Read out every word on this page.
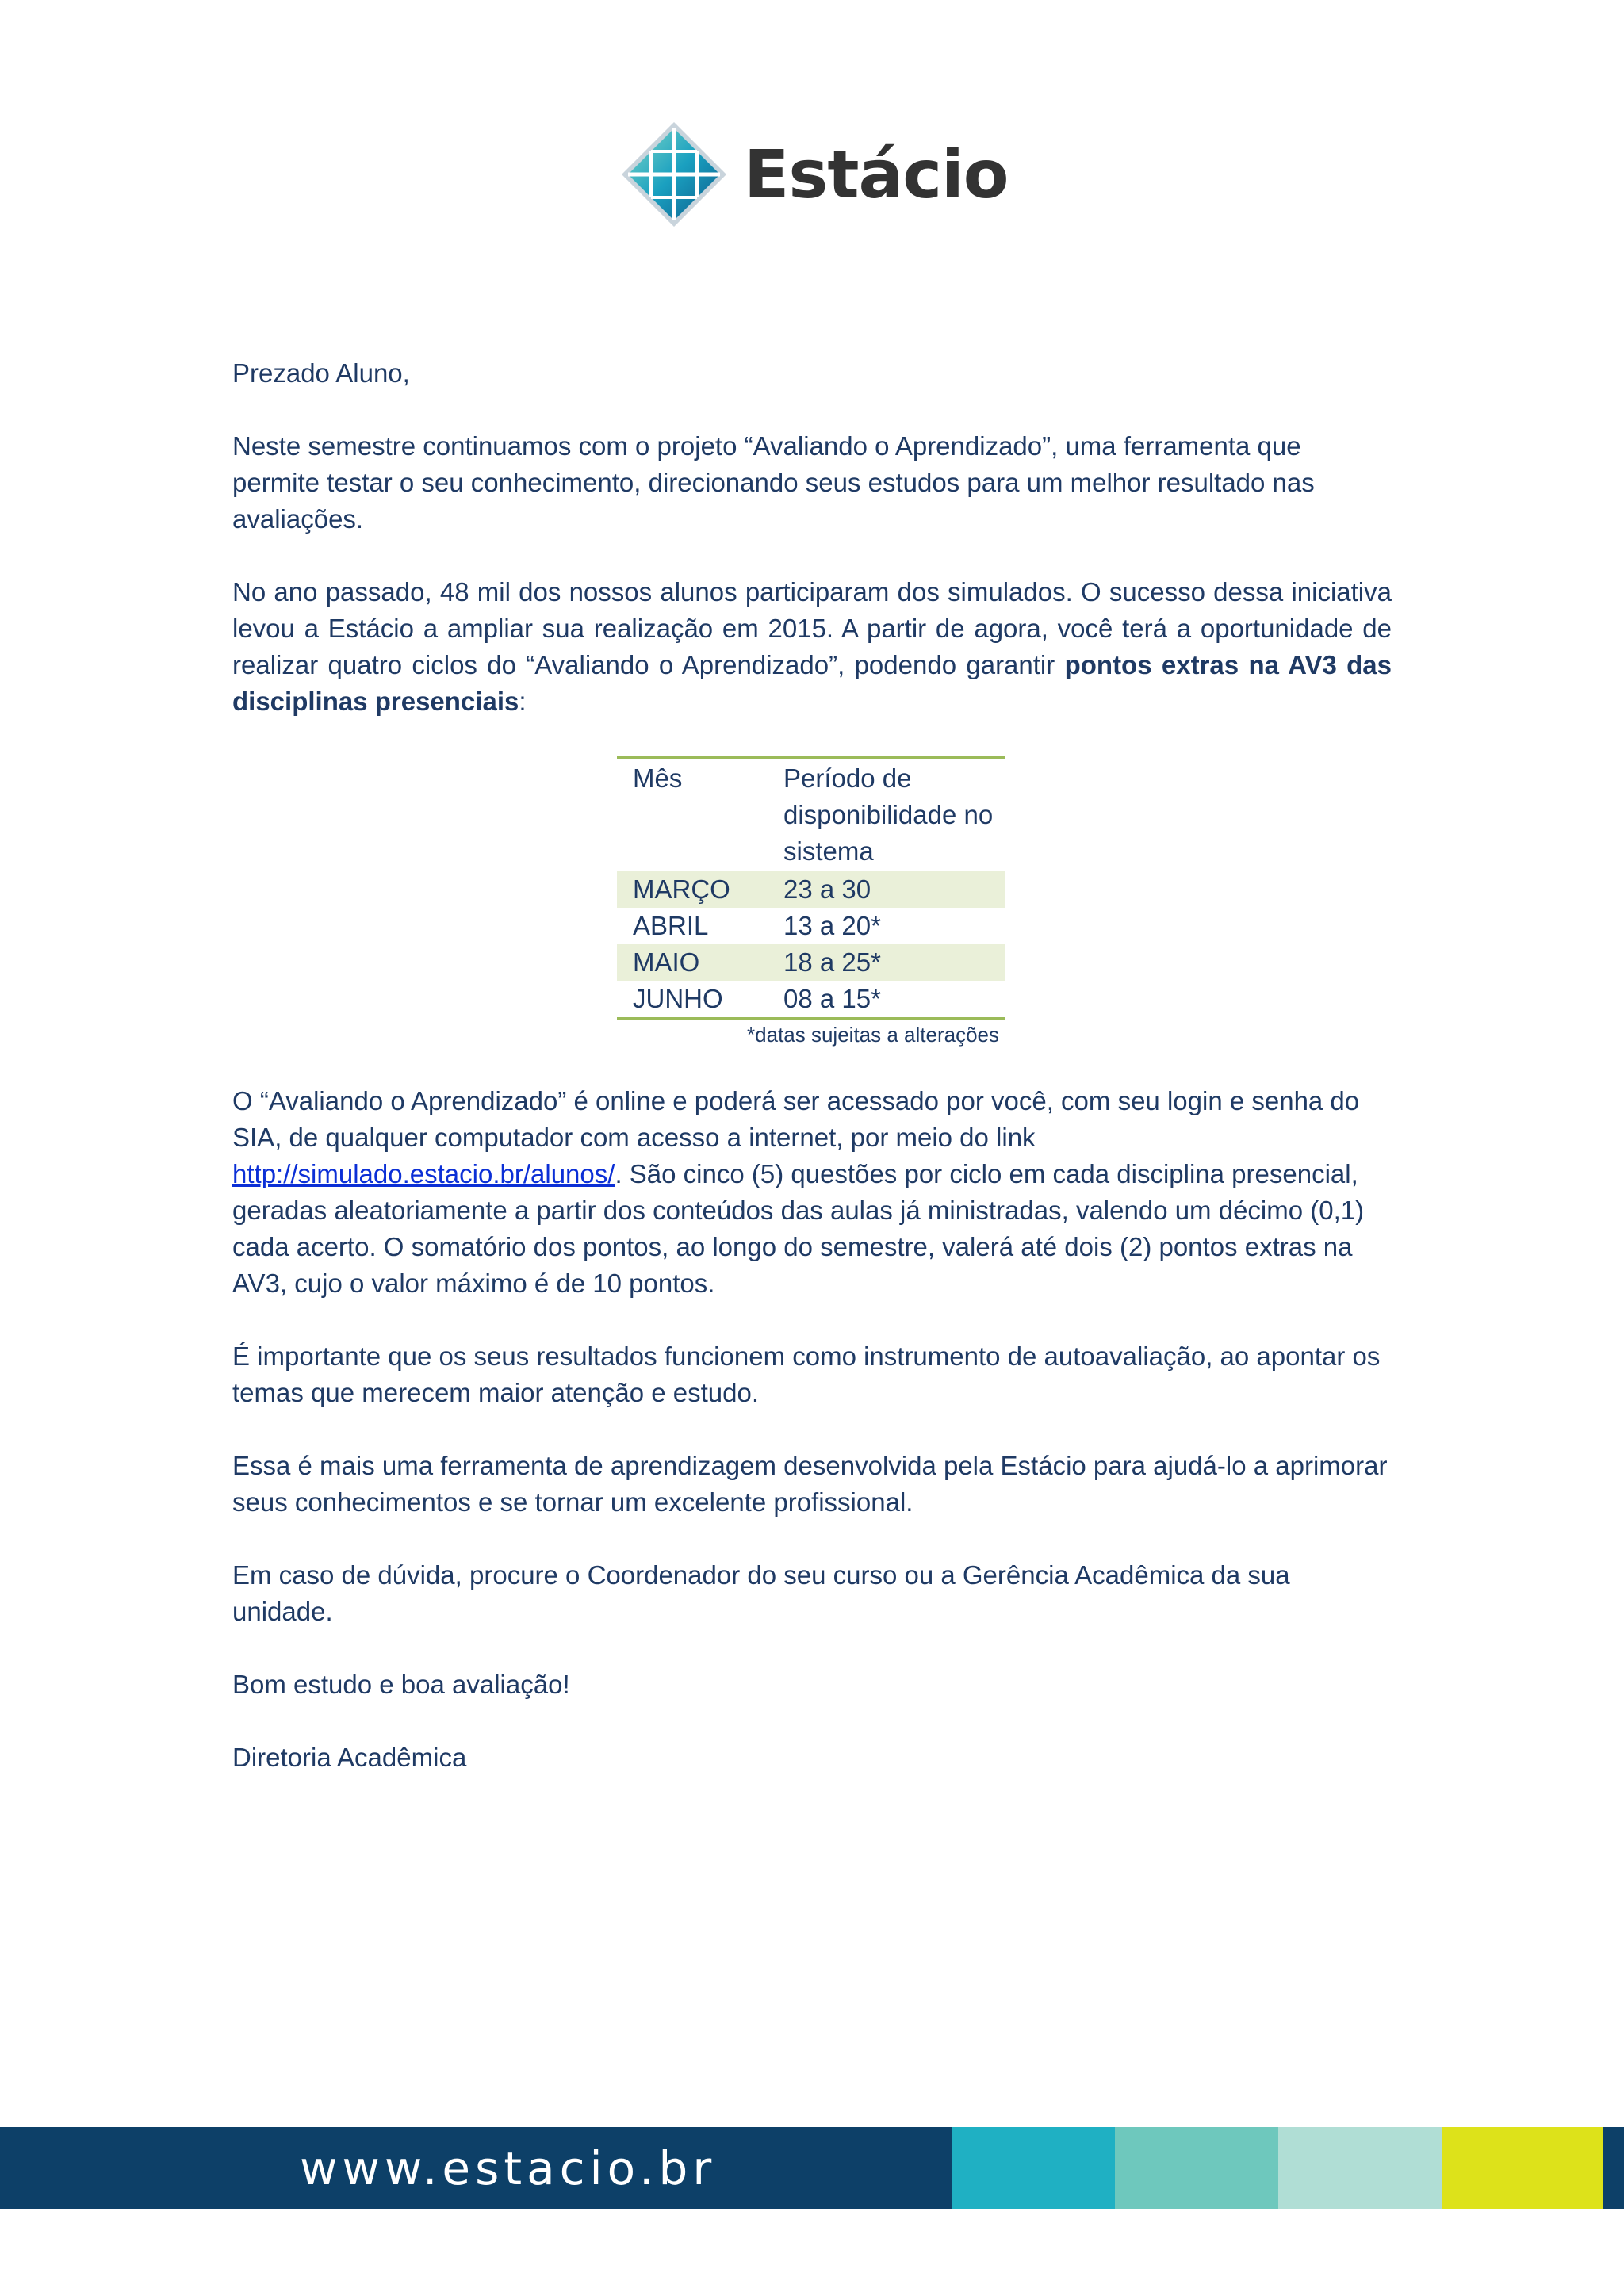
Estácio

Prezado Aluno,

Neste semestre continuamos com o projeto “Avaliando o Aprendizado”, uma ferramenta que permite testar o seu conhecimento, direcionando seus estudos para um melhor resultado nas avaliações.

No ano passado, 48 mil dos nossos alunos participaram dos simulados. O sucesso dessa iniciativa levou a Estácio a ampliar sua realização em 2015. A partir de agora, você terá a oportunidade de realizar quatro ciclos do “Avaliando o Aprendizado”, podendo garantir pontos extras na AV3 das disciplinas presenciais:

Mês	Período de disponibilidade no sistema
MARÇO	23 a 30
ABRIL	13 a 20*
MAIO	18 a 25*
JUNHO	08 a 15*
*datas sujeitas a alterações

O “Avaliando o Aprendizado” é online e poderá ser acessado por você, com seu login e senha do SIA, de qualquer computador com acesso a internet, por meio do link http://simulado.estacio.br/alunos/. São cinco (5) questões por ciclo em cada disciplina presencial, geradas aleatoriamente a partir dos conteúdos das aulas já ministradas, valendo um décimo (0,1) cada acerto. O somatório dos pontos, ao longo do semestre, valerá até dois (2) pontos extras na AV3, cujo o valor máximo é de 10 pontos.

É importante que os seus resultados funcionem como instrumento de autoavaliação, ao apontar os temas que merecem maior atenção e estudo.

Essa é mais uma ferramenta de aprendizagem desenvolvida pela Estácio para ajudá-lo a aprimorar seus conhecimentos e se tornar um excelente profissional.

Em caso de dúvida, procure o Coordenador do seu curso ou a Gerência Acadêmica da sua unidade.

Bom estudo e boa avaliação!

Diretoria Acadêmica

www.estacio.br
